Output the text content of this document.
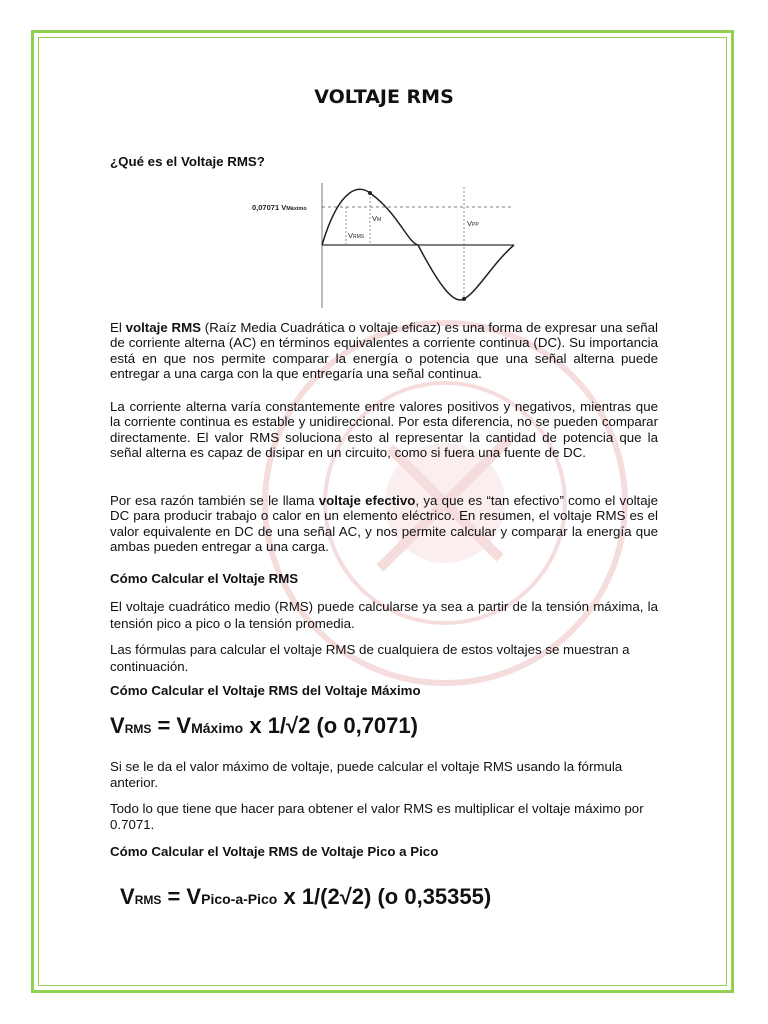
VOLTAJE RMS

¿Qué es el Voltaje RMS?

0,07071 VMáximo
VM
VRMS
VPP

El voltaje RMS (Raíz Media Cuadrática o voltaje eficaz) es una forma de expresar una señal de corriente alterna (AC) en términos equivalentes a corriente continua (DC). Su importancia está en que nos permite comparar la energía o potencia que una señal alterna puede entregar a una carga con la que entregaría una señal continua.

La corriente alterna varía constantemente entre valores positivos y negativos, mientras que la corriente continua es estable y unidireccional. Por esta diferencia, no se pueden comparar directamente. El valor RMS soluciona esto al representar la cantidad de potencia que la señal alterna es capaz de disipar en un circuito, como si fuera una fuente de DC.

Por esa razón también se le llama voltaje efectivo, ya que es “tan efectivo” como el voltaje DC para producir trabajo o calor en un elemento eléctrico. En resumen, el voltaje RMS es el valor equivalente en DC de una señal AC, y nos permite calcular y comparar la energía que ambas pueden entregar a una carga.

Cómo Calcular el Voltaje RMS

El voltaje cuadrático medio (RMS) puede calcularse ya sea a partir de la tensión máxima, la tensión pico a pico o la tensión promedia.

Las fórmulas para calcular el voltaje RMS de cualquiera de estos voltajes se muestran a continuación.

Cómo Calcular el Voltaje RMS del Voltaje Máximo

VRMS = VMáximo x 1/√2 (o 0,7071)

Si se le da el valor máximo de voltaje, puede calcular el voltaje RMS usando la fórmula anterior.

Todo lo que tiene que hacer para obtener el valor RMS es multiplicar el voltaje máximo por 0.7071.

Cómo Calcular el Voltaje RMS de Voltaje Pico a Pico

VRMS = VPico-a-Pico x 1/(2√2) (o 0,35355)
